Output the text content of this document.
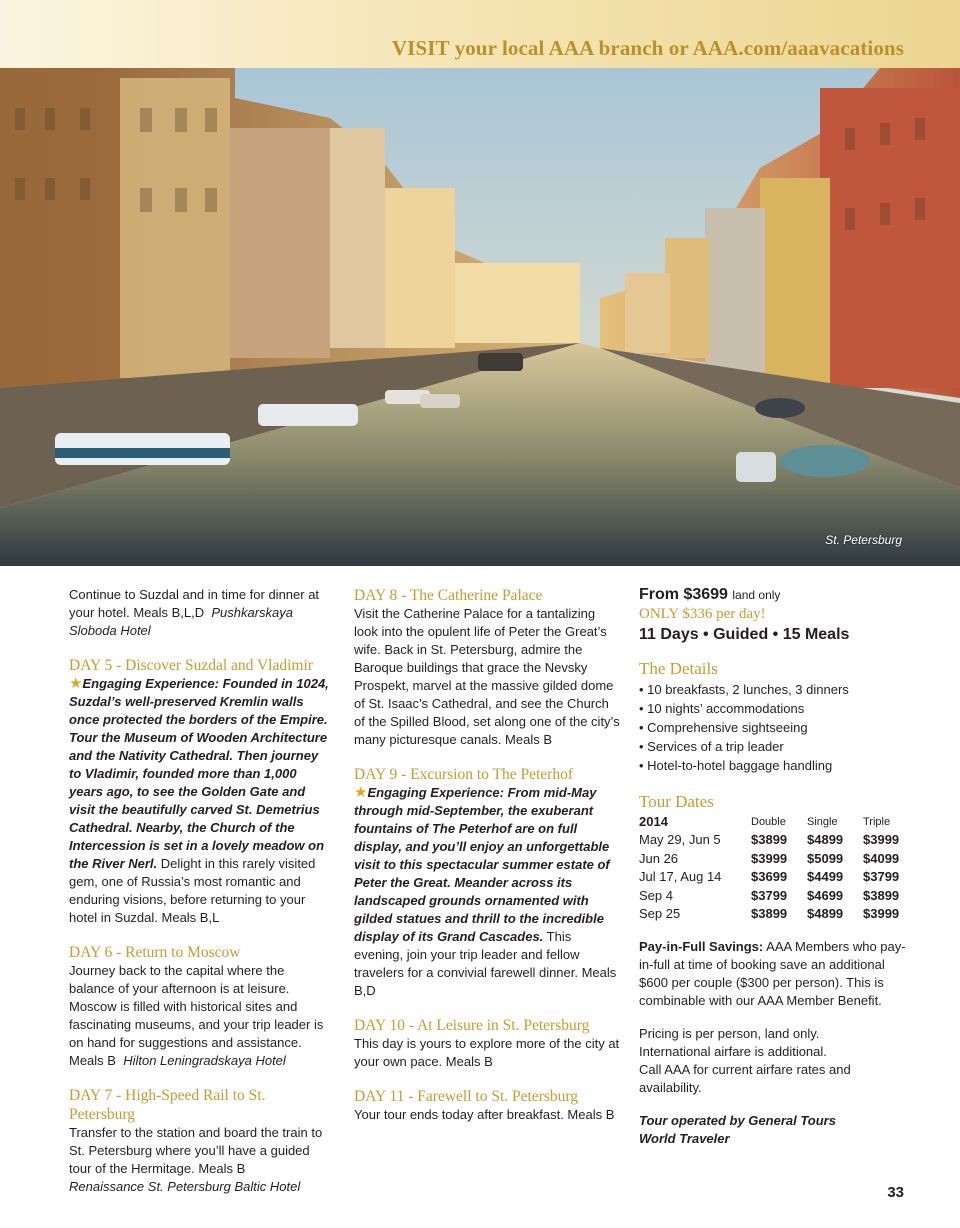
VISIT your local AAA branch or AAA.com/aaavacations
St. Petersburg

Continue to Suzdal and in time for dinner at your hotel. Meals B,L,D Pushkarskaya Sloboda Hotel

DAY 5 - Discover Suzdal and Vladimir

★Engaging Experience: Founded in 1024, Suzdal’s well-preserved Kremlin walls once protected the borders of the Empire. Tour the Museum of Wooden Architecture and the Nativity Cathedral. Then journey to Vladimir, founded more than 1,000 years ago, to see the Golden Gate and visit the beautifully carved St. Demetrius Cathedral. Nearby, the Church of the Intercession is set in a lovely meadow on the River Nerl. Delight in this rarely visited gem, one of Russia’s most romantic and enduring visions, before returning to your hotel in Suzdal. Meals B,L

DAY 6 - Return to Moscow

Journey back to the capital where the balance of your afternoon is at leisure. Moscow is filled with historical sites and fascinating museums, and your trip leader is on hand for suggestions and assistance. Meals B Hilton Leningradskaya Hotel

DAY 7 - High-Speed Rail to St. Petersburg

Transfer to the station and board the train to St. Petersburg where you’ll have a guided tour of the Hermitage. Meals B

Renaissance St. Petersburg Baltic Hotel

DAY 8 - The Catherine Palace

Visit the Catherine Palace for a tantalizing look into the opulent life of Peter the Great’s wife. Back in St. Petersburg, admire the Baroque buildings that grace the Nevsky Prospekt, marvel at the massive gilded dome of St. Isaac’s Cathedral, and see the Church of the Spilled Blood, set along one of the city’s many picturesque canals. Meals B

DAY 9 - Excursion to The Peterhof

★Engaging Experience: From mid-May through mid-September, the exuberant fountains of The Peterhof are on full display, and you’ll enjoy an unforgettable visit to this spectacular summer estate of Peter the Great. Meander across its landscaped grounds ornamented with gilded statues and thrill to the incredible display of its Grand Cascades. This evening, join your trip leader and fellow travelers for a convivial farewell dinner. Meals B,D

DAY 10 - At Leisure in St. Petersburg

This day is yours to explore more of the city at your own pace. Meals B

DAY 11 - Farewell to St. Petersburg

Your tour ends today after breakfast. Meals B

From $3699 land only
ONLY $336 per day!
11 Days • Guided • 15 Meals
The Details
• 10 breakfasts, 2 lunches, 3 dinners
• 10 nights’ accommodations
• Comprehensive sightseeing
• Services of a trip leader
• Hotel-to-hotel baggage handling
Tour Dates
2014	Double	Single	Triple
May 29, Jun 5	$3899	$4899	$3999
Jun 26	$3999	$5099	$4099
Jul 17, Aug 14	$3699	$4499	$3799
Sep 4	$3799	$4699	$3899
Sep 25	$3899	$4899	$3999

Pay-in-Full Savings: AAA Members who pay-in-full at time of booking save an additional $600 per couple ($300 per person). This is combinable with our AAA Member Benefit.

Pricing is per person, land only.

International airfare is additional.

Call AAA for current airfare rates and availability.

Tour operated by General Tours

World Traveler

33
